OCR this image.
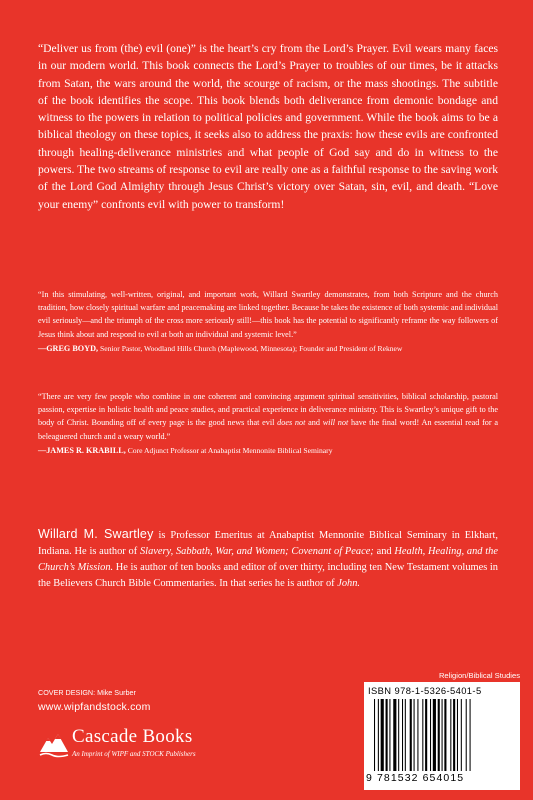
“Deliver us from (the) evil (one)” is the heart’s cry from the Lord’s Prayer. Evil wears many faces in our modern world. This book connects the Lord’s Prayer to troubles of our times, be it attacks from Satan, the wars around the world, the scourge of racism, or the mass shootings. The subtitle of the book identifies the scope. This book blends both deliverance from demonic bondage and witness to the powers in relation to political policies and government. While the book aims to be a biblical theology on these topics, it seeks also to address the praxis: how these evils are confronted through healing-deliverance ministries and what people of God say and do in witness to the powers. The two streams of response to evil are really one as a faithful response to the saving work of the Lord God Almighty through Jesus Christ’s victory over Satan, sin, evil, and death. “Love your enemy” confronts evil with power to transform!

“In this stimulating, well-written, original, and important work, Willard Swartley demonstrates, from both Scripture and the church tradition, how closely spiritual warfare and peacemaking are linked together. Because he takes the existence of both systemic and individual evil seriously—and the triumph of the cross more seriously still!—this book has the potential to significantly reframe the way followers of Jesus think about and respond to evil at both an individual and systemic level.”
—GREG BOYD, Senior Pastor, Woodland Hills Church (Maplewood, Minnesota); Founder and President of Reknew
“There are very few people who combine in one coherent and convincing argument spiritual sensitivities, biblical scholarship, pastoral passion, expertise in holistic health and peace studies, and practical experience in deliverance ministry. This is Swartley’s unique gift to the body of Christ. Bounding off of every page is the good news that evil does not and will not have the final word! An essential read for a beleaguered church and a weary world.”
—JAMES R. KRABILL, Core Adjunct Professor at Anabaptist Mennonite Biblical Seminary

Willard M. Swartley is Professor Emeritus at Anabaptist Mennonite Biblical Seminary in Elkhart, Indiana. He is author of Slavery, Sabbath, War, and Women; Covenant of Peace; and Health, Healing, and the Church’s Mission. He is author of ten books and editor of over thirty, including ten New Testament volumes in the Believers Church Bible Commentaries. In that series he is author of John.

Religion/Biblical Studies
ISBN 978-1-5326-5401-5
9 781532 654015
COVER DESIGN: Mike Surber
www.wipfandstock.com
Cascade Books
An Imprint of WIPF and STOCK Publishers
